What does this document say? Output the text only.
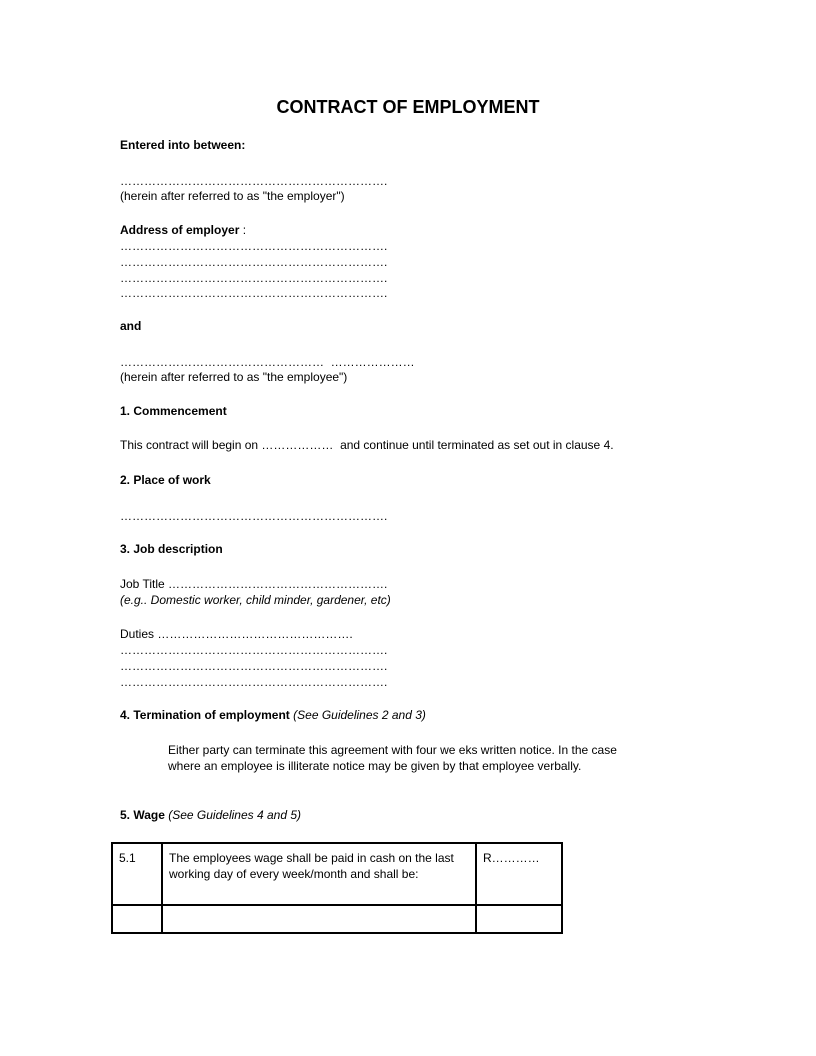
CONTRACT OF EMPLOYMENT
Entered into between:
………………………………………………………….
(herein after referred to as "the employer")
Address of employer :
………………………………………………………….
………………………………………………………….
………………………………………………………….
………………………………………………………….
and
……………………………………………  …………………
(herein after referred to as "the employee")
1. Commencement
This contract will begin on ………………  and continue until terminated as set out in clause 4.
2. Place of work
………………………………………………………….
3. Job description
Job Title ……………………………………………….
(e.g.. Domestic worker, child minder, gardener, etc)
Duties ………………………………………….
………………………………………………………….
………………………………………………………….
………………………………………………………….
4. Termination of employment (See Guidelines 2 and 3)
Either party can terminate this agreement with four we eks written notice. In the case where an employee is illiterate notice may be given by that employee verbally.
5. Wage (See Guidelines 4 and 5)
5.1	The employees wage shall be paid in cash on the last working day of every week/month and shall be:	R…………
